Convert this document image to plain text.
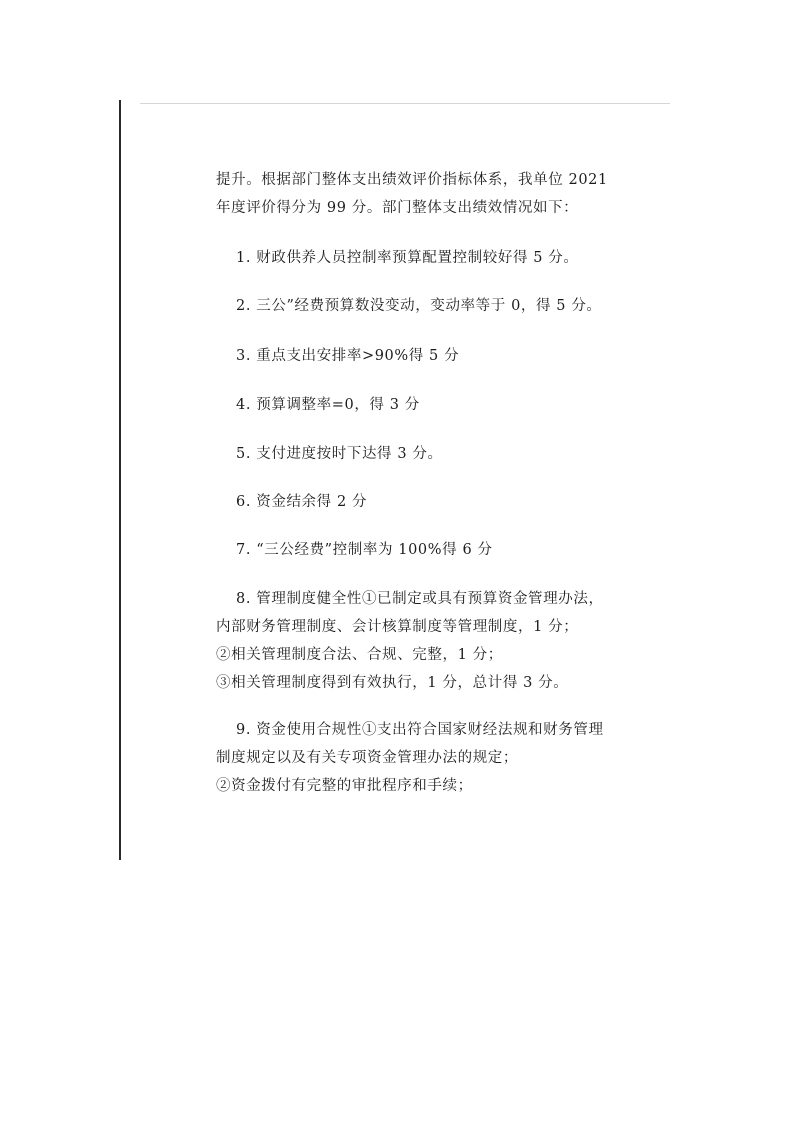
提升。根据部门整体支出绩效评价指标体系，我单位 2021
年度评价得分为 99 分。部门整体支出绩效情况如下：
1. 财政供养人员控制率预算配置控制较好得 5 分。
2. 三公”经费预算数没变动，变动率等于 0，得 5 分。
3. 重点支出安排率>90%得 5 分
4. 预算调整率=0，得 3 分
5. 支付进度按时下达得 3 分。
6. 资金结余得 2 分
7. “三公经费”控制率为 100%得 6 分
8. 管理制度健全性①已制定或具有预算资金管理办法，
内部财务管理制度、会计核算制度等管理制度，1 分；
②相关管理制度合法、合规、完整，1 分；
③相关管理制度得到有效执行，1 分，总计得 3 分。
9. 资金使用合规性①支出符合国家财经法规和财务管理
制度规定以及有关专项资金管理办法的规定；
②资金拨付有完整的审批程序和手续；
